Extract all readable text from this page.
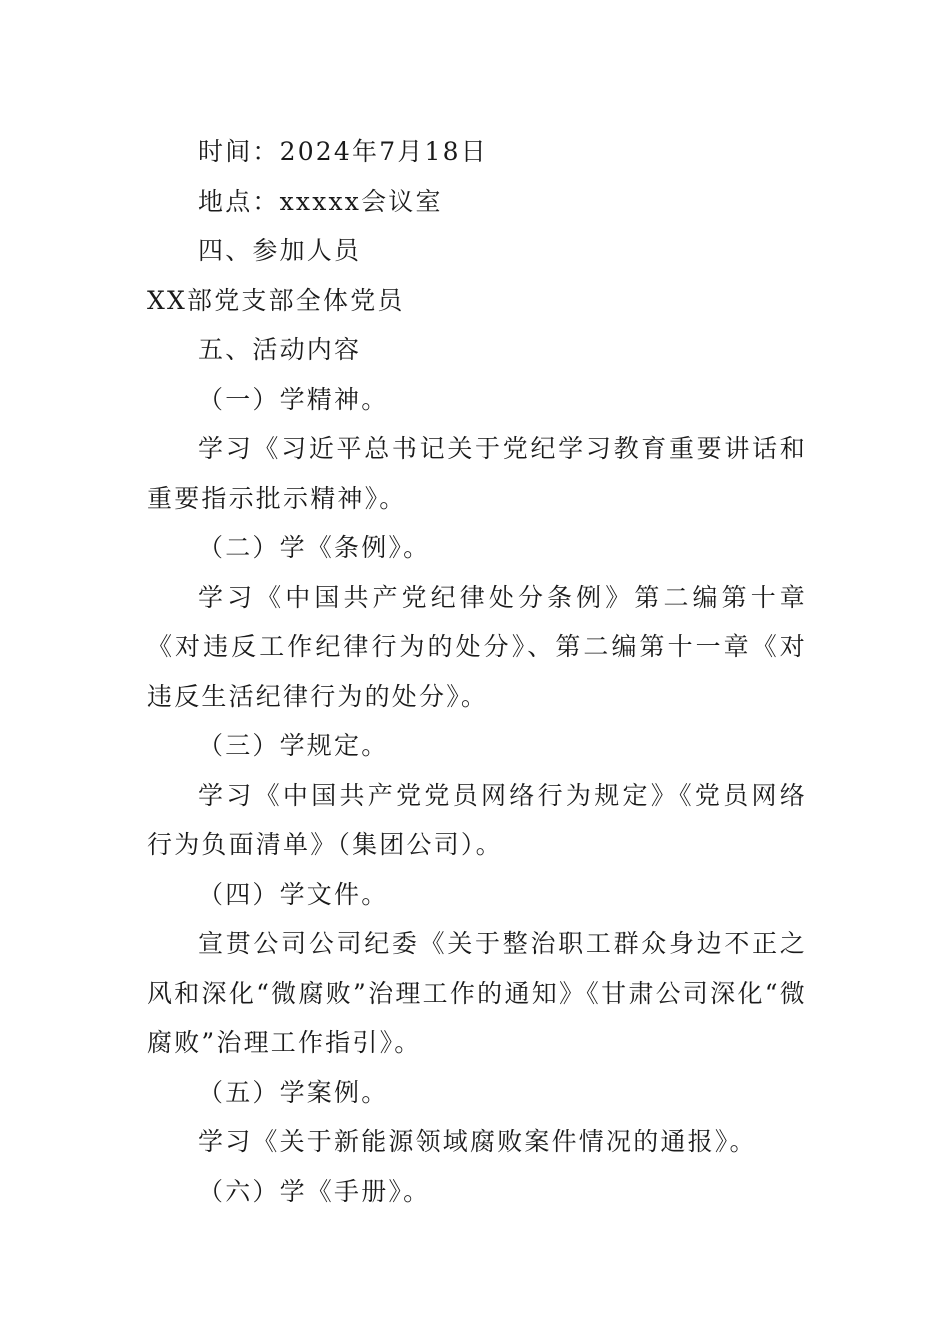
时间：2024年7月18日
地点：xxxxx会议室
四、参加人员
XX部党支部全体党员
五、活动内容
（一）学精神。
学习《习近平总书记关于党纪学习教育重要讲话和重要指示批示精神》。
（二）学《条例》。
学习《中国共产党纪律处分条例》第二编第十章《对违反工作纪律行为的处分》、第二编第十一章《对违反生活纪律行为的处分》。
（三）学规定。
学习《中国共产党党员网络行为规定》《党员网络行为负面清单》（集团公司）。
（四）学文件。
宣贯公司公司纪委《关于整治职工群众身边不正之风和深化“微腐败”治理工作的通知》《甘肃公司深化“微腐败”治理工作指引》。
（五）学案例。
学习《关于新能源领域腐败案件情况的通报》。
（六）学《手册》。
